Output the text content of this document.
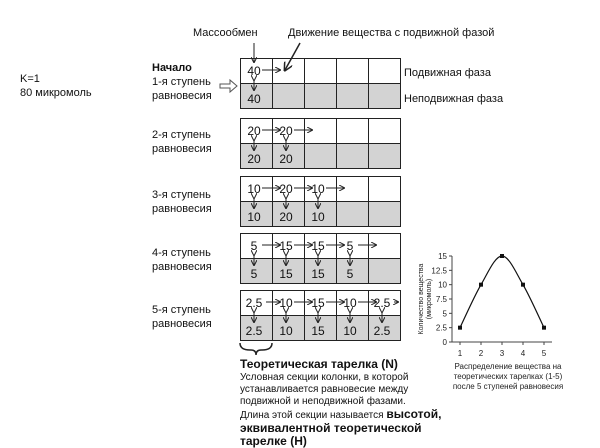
Массообмен	Движение вещества с подвижной фазой
K=1
80 микромоль
Подвижная фаза
Неподвижная фаза
Начало
1-я ступень
равновесия
2-я ступень
равновесия
3-я ступень
равновесия
4-я ступень
равновесия
5-я ступень
равновесия
40
40
20 20
20 20
10 20 10
10 20 10
5 15 15 5
5 15 15 5
2.5 10 15 10 2.5
2.5 10 15 10 2.5
Теоретическая тарелка (N)
Условная секции колонки, в которой
устанавливается равновесие между
подвижной и неподвижной фазами.
Длина этой секции называется высотой,
эквивалентной теоретической
тарелке (H)
0
2.5
5
7.5
10
12.5
15
1 2 3 4 5
Количество вещества (микромоль)
Распределение вещества на
теоретических тарелках (1-5)
после 5 ступеней равновесия
